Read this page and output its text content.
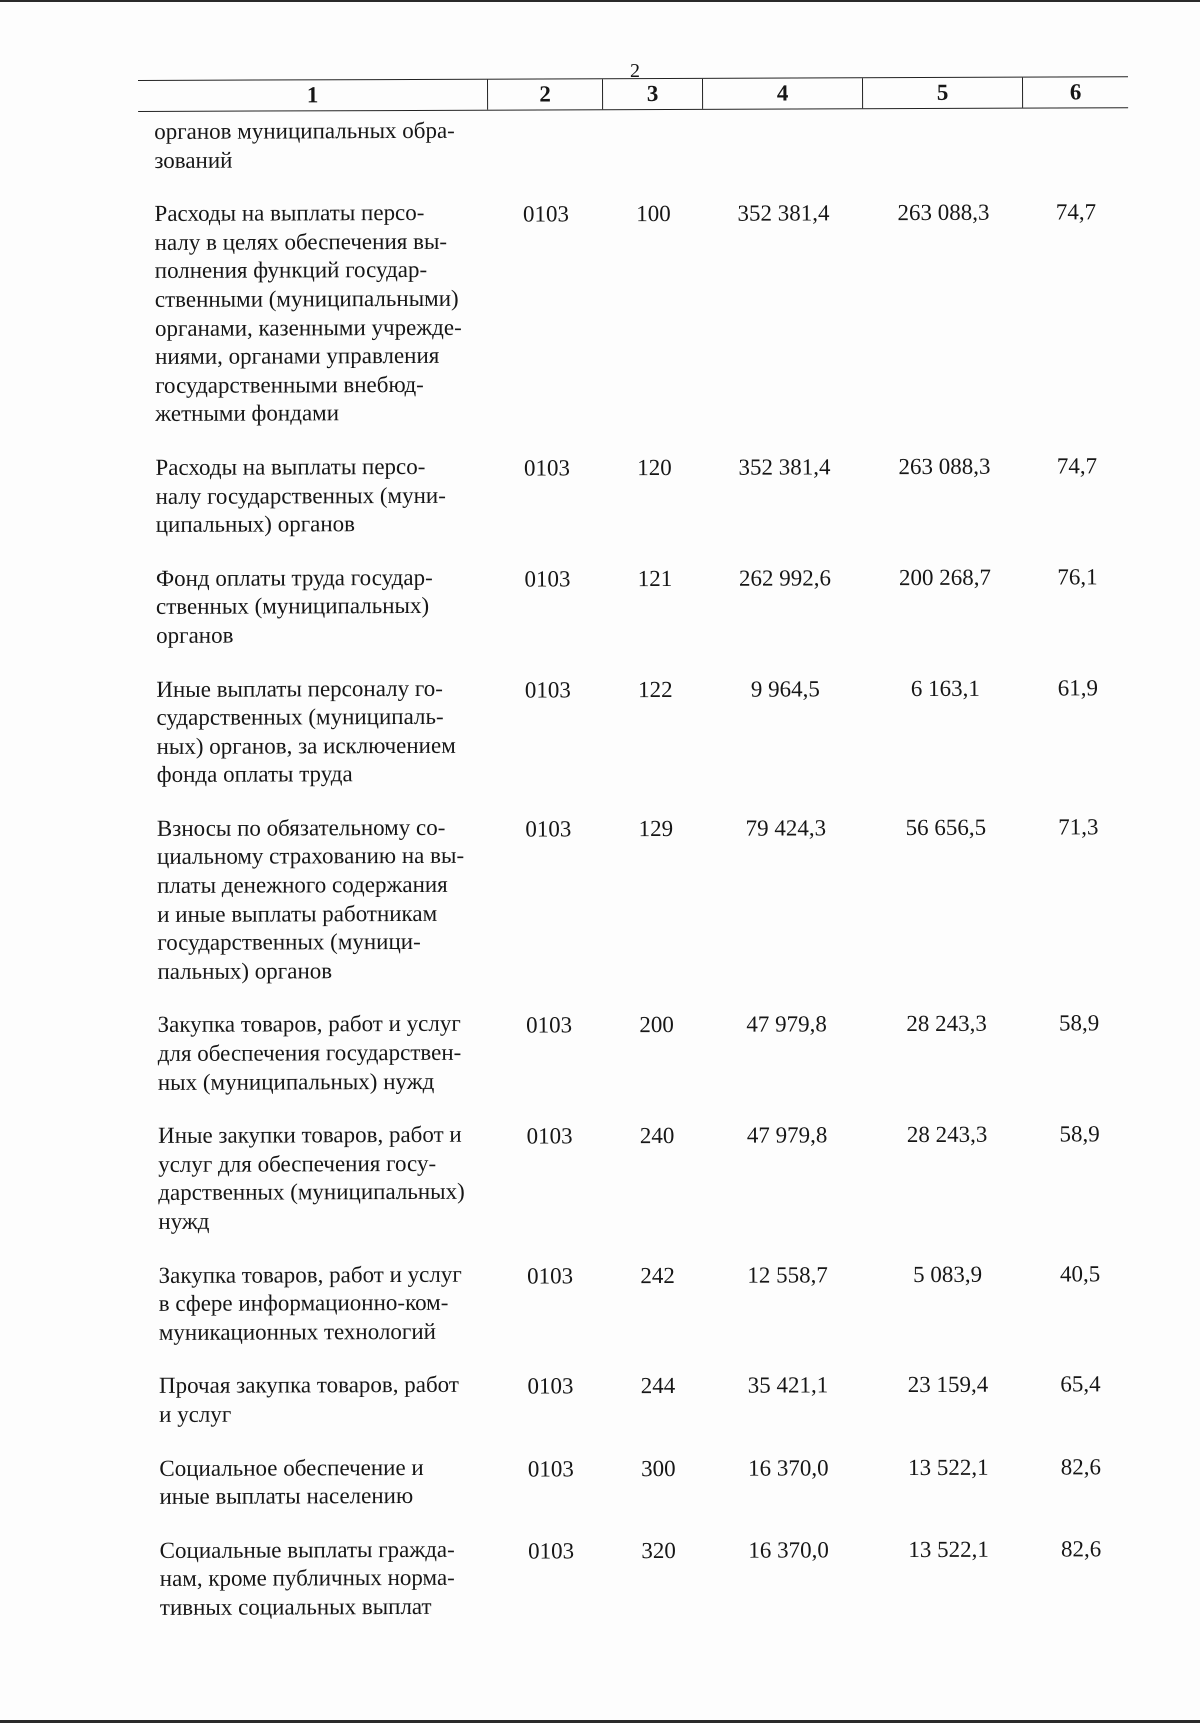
2
1	2	3	4	5	6
органов муниципальных обра-
зований
Расходы на выплаты персо-
налу в целях обеспечения вы-
полнения функций государ-
ственными (муниципальными)
органами, казенными учрежде-
ниями, органами управления
государственными внебюд-
жетными фондами
0103	100	352 381,4	263 088,3	74,7
Расходы на выплаты персо-
налу государственных (муни-
ципальных) органов
0103	120	352 381,4	263 088,3	74,7
Фонд оплаты труда государ-
ственных (муниципальных)
органов
0103	121	262 992,6	200 268,7	76,1
Иные выплаты персоналу го-
сударственных (муниципаль-
ных) органов, за исключением
фонда оплаты труда
0103	122	9 964,5	6 163,1	61,9
Взносы по обязательному со-
циальному страхованию на вы-
платы денежного содержания
и иные выплаты работникам
государственных (муници-
пальных) органов
0103	129	79 424,3	56 656,5	71,3
Закупка товаров, работ и услуг
для обеспечения государствен-
ных (муниципальных) нужд
0103	200	47 979,8	28 243,3	58,9
Иные закупки товаров, работ и
услуг для обеспечения госу-
дарственных (муниципальных)
нужд
0103	240	47 979,8	28 243,3	58,9
Закупка товаров, работ и услуг
в сфере информационно-ком-
муникационных технологий
0103	242	12 558,7	5 083,9	40,5
Прочая закупка товаров, работ
и услуг
0103	244	35 421,1	23 159,4	65,4
Социальное обеспечение и
иные выплаты населению
0103	300	16 370,0	13 522,1	82,6
Социальные выплаты гражда-
нам, кроме публичных норма-
тивных социальных выплат
0103	320	16 370,0	13 522,1	82,6
